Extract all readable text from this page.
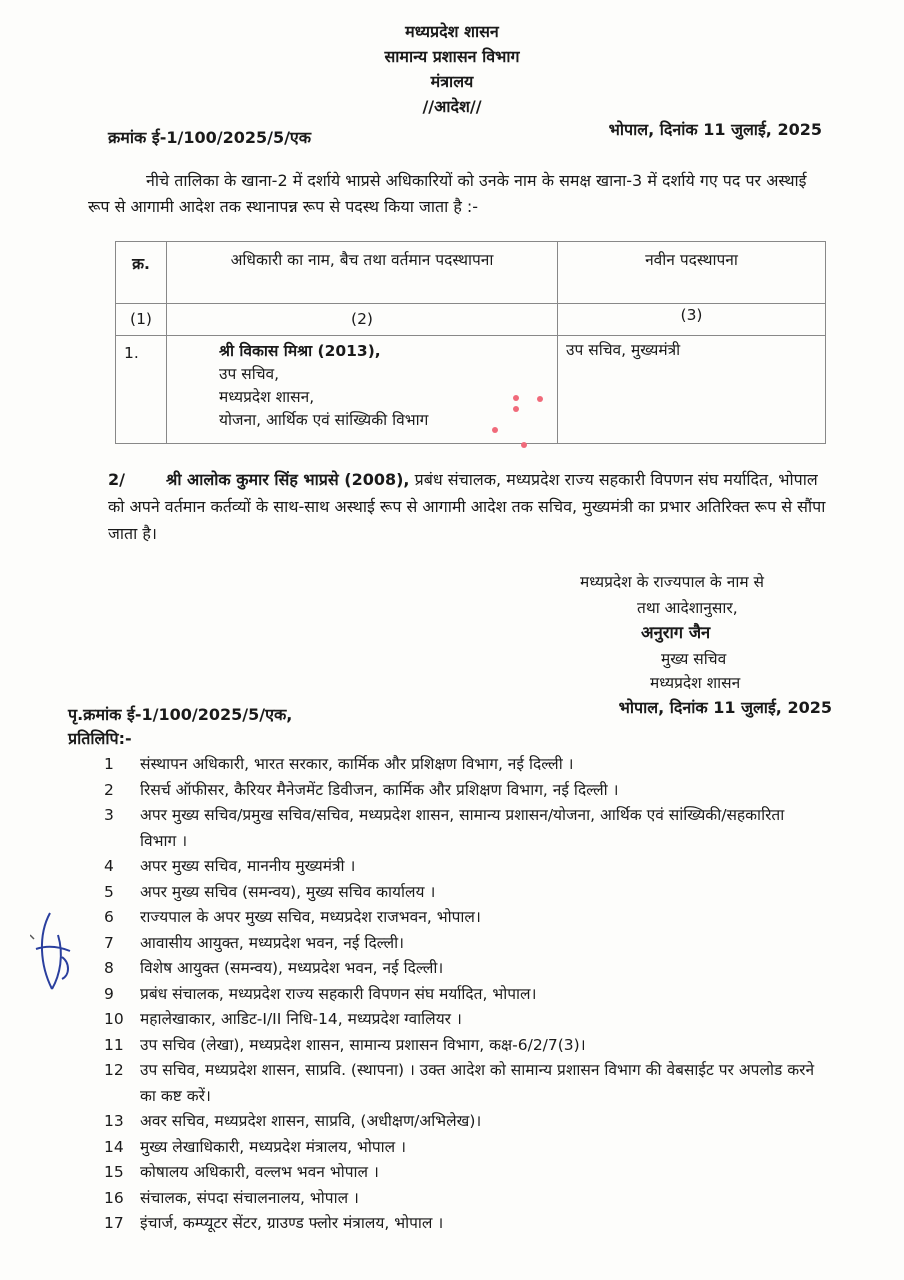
मध्यप्रदेश शासन
सामान्य प्रशासन विभाग
मंत्रालय
//आदेश//
क्रमांक ई-1/100/2025/5/एक	भोपाल, दिनांक 11 जुलाई, 2025
नीचे तालिका के खाना-2 में दर्शाये भाप्रसे अधिकारियों को उनके नाम के समक्ष खाना-3 में दर्शाये गए पद पर अस्थाई रूप से आगामी आदेश तक स्थानापन्न रूप से पदस्थ किया जाता है :-
क्र.	अधिकारी का नाम, बैच तथा वर्तमान पदस्थापना	नवीन पदस्थापना
(1)	(2)	(3)
1.	श्री विकास मिश्रा (2013),
उप सचिव,
मध्यप्रदेश शासन,
योजना, आर्थिक एवं सांख्यिकी विभाग	उप सचिव, मुख्यमंत्री
2/	श्री आलोक कुमार सिंह भाप्रसे (2008), प्रबंध संचालक, मध्यप्रदेश राज्य सहकारी विपणन संघ मर्यादित, भोपाल को अपने वर्तमान कर्तव्यों के साथ-साथ अस्थाई रूप से आगामी आदेश तक सचिव, मुख्यमंत्री का प्रभार अतिरिक्त रूप से सौंपा जाता है।
मध्यप्रदेश के राज्यपाल के नाम से
तथा आदेशानुसार,
अनुराग जैन
मुख्य सचिव
मध्यप्रदेश शासन
पृ.क्रमांक ई-1/100/2025/5/एक,	भोपाल, दिनांक 11 जुलाई, 2025
प्रतिलिपि:-
1	संस्थापन अधिकारी, भारत सरकार, कार्मिक और प्रशिक्षण विभाग, नई दिल्ली ।
2	रिसर्च ऑफीसर, कैरियर मैनेजमेंट डिवीजन, कार्मिक और प्रशिक्षण विभाग, नई दिल्ली ।
3	अपर मुख्य सचिव/प्रमुख सचिव/सचिव, मध्यप्रदेश शासन, सामान्य प्रशासन/योजना, आर्थिक एवं सांख्यिकी/सहकारिता विभाग ।
4	अपर मुख्य सचिव, माननीय मुख्यमंत्री ।
5	अपर मुख्य सचिव (समन्वय), मुख्य सचिव कार्यालय ।
6	राज्यपाल के अपर मुख्य सचिव, मध्यप्रदेश राजभवन, भोपाल।
7	आवासीय आयुक्त, मध्यप्रदेश भवन, नई दिल्ली।
8	विशेष आयुक्त (समन्वय), मध्यप्रदेश भवन, नई दिल्ली।
9	प्रबंध संचालक, मध्यप्रदेश राज्य सहकारी विपणन संघ मर्यादित, भोपाल।
10	महालेखाकार, आडिट-I/II निधि-14, मध्यप्रदेश ग्वालियर ।
11	उप सचिव (लेखा), मध्यप्रदेश शासन, सामान्य प्रशासन विभाग, कक्ष-6/2/7(3)।
12	उप सचिव, मध्यप्रदेश शासन, साप्रवि. (स्थापना) । उक्त आदेश को सामान्य प्रशासन विभाग की वेबसाईट पर अपलोड करने का कष्ट करें।
13	अवर सचिव, मध्यप्रदेश शासन, साप्रवि, (अधीक्षण/अभिलेख)।
14	मुख्य लेखाधिकारी, मध्यप्रदेश मंत्रालय, भोपाल ।
15	कोषालय अधिकारी, वल्लभ भवन भोपाल ।
16	संचालक, संपदा संचालनालय, भोपाल ।
17	इंचार्ज, कम्प्यूटर सेंटर, ग्राउण्ड फ्लोर मंत्रालय, भोपाल ।
